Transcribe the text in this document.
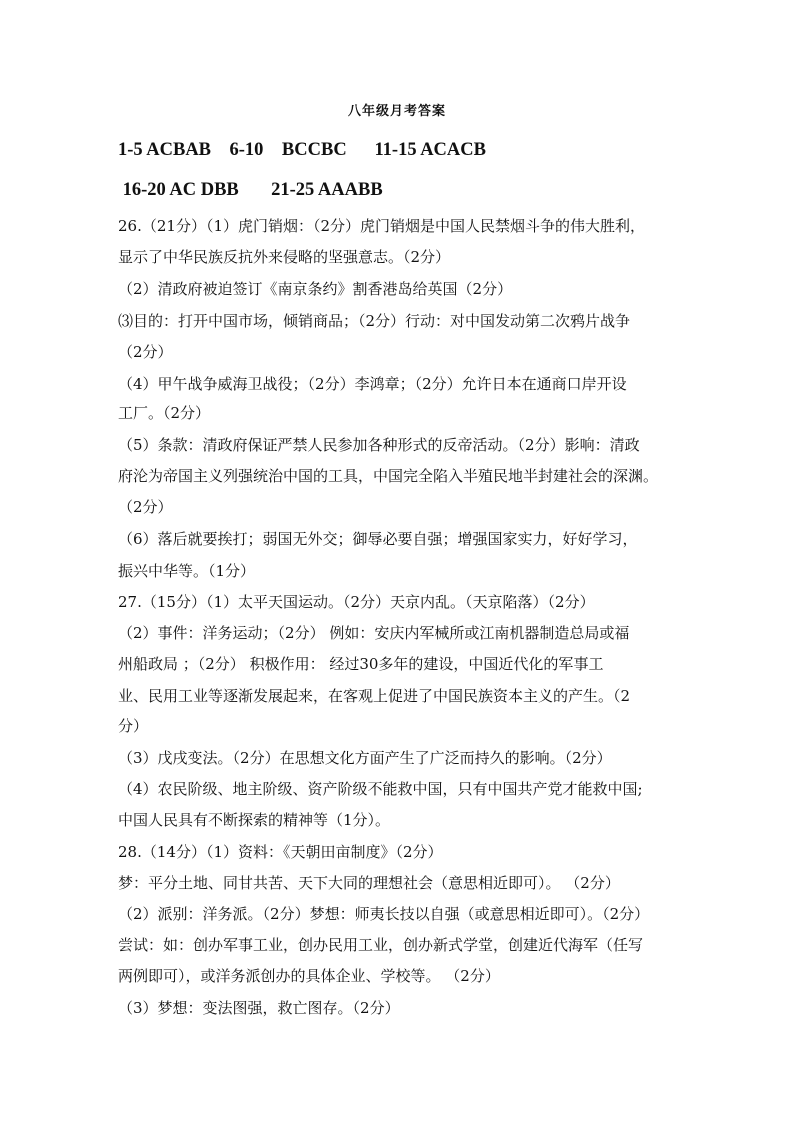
八年级月考答案
1-5 ACBAB    6-10    BCCBC      11-15 ACACB
16-20 AC DBB       21-25 AAABB
26.（21分）（1）虎门销烟：（2分）虎门销烟是中国人民禁烟斗争的伟大胜利，
显示了中华民族反抗外来侵略的坚强意志。（2分）
（2）清政府被迫签订《南京条约》割香港岛给英国（2分）
⑶目的：打开中国市场，倾销商品；（2分）行动：对中国发动第二次鸦片战争
（2分）
（4）甲午战争威海卫战役；（2分）李鸿章；（2分）允许日本在通商口岸开设
工厂。（2分）
（5）条款：清政府保证严禁人民参加各种形式的反帝活动。（2分）影响：清政
府沦为帝国主义列强统治中国的工具，中国完全陷入半殖民地半封建社会的深渊。
（2分）
（6）落后就要挨打；弱国无外交；御辱必要自强；增强国家实力，好好学习，
振兴中华等。（1分）
27.（15分）（1）太平天国运动。（2分）天京内乱。（天京陷落）（2分）
（2）事件：洋务运动；（2分） 例如：安庆内军械所或江南机器制造总局或福
州船政局 ；（2分） 积极作用： 经过30多年的建设，中国近代化的军事工
业、民用工业等逐渐发展起来，在客观上促进了中国民族资本主义的产生。（2
分）
（3）戊戌变法。（2分）在思想文化方面产生了广泛而持久的影响。（2分）
（4）农民阶级、地主阶级、资产阶级不能救中国，只有中国共产党才能救中国;
中国人民具有不断探索的精神等（1分）。
28.（14分）（1）资料：《天朝田亩制度》（2分）
梦：平分土地、同甘共苦、天下大同的理想社会（意思相近即可）。 （2分）
（2）派别：洋务派。（2分）梦想：师夷长技以自强（或意思相近即可）。（2分）
尝试：如：创办军事工业，创办民用工业，创办新式学堂，创建近代海军（任写
两例即可），或洋务派创办的具体企业、学校等。 （2分）
（3）梦想：变法图强，救亡图存。（2分）
